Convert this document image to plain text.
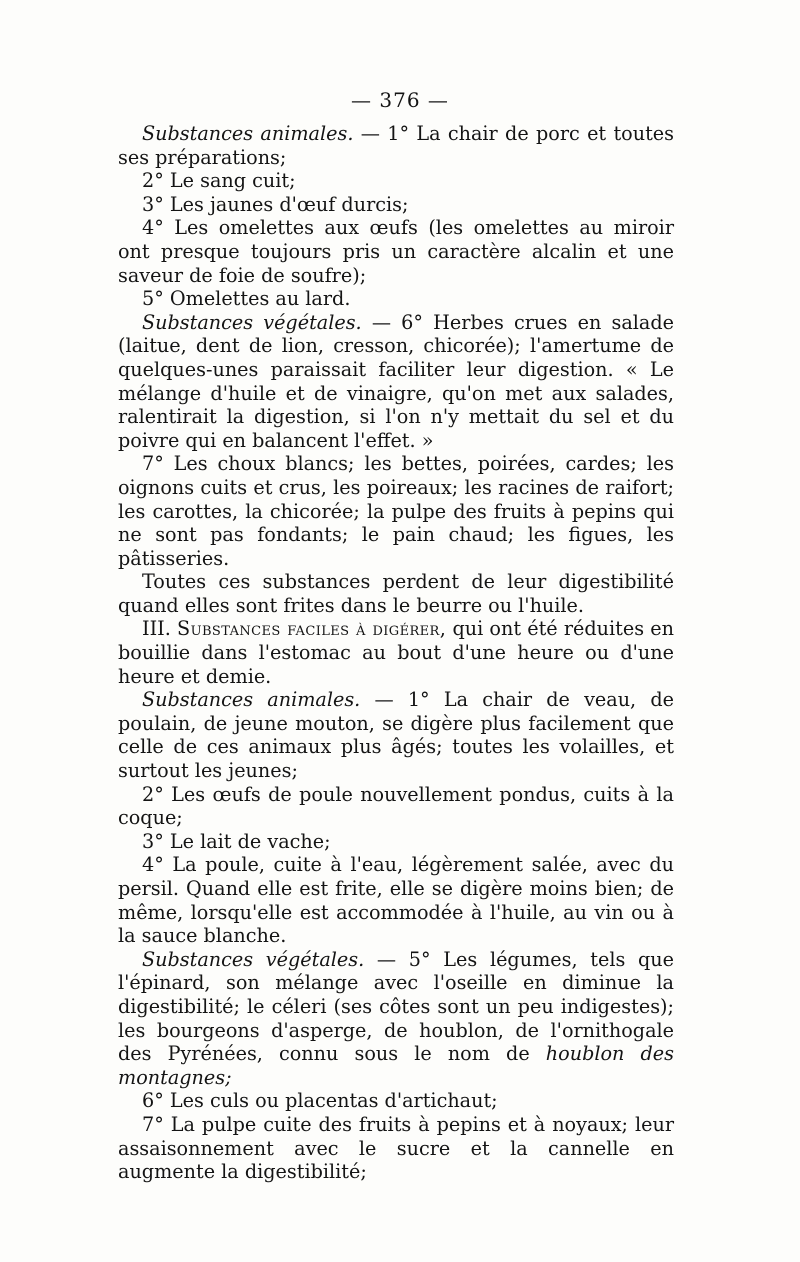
— 376 —

Substances animales. — 1° La chair de porc et toutes ses préparations;

2° Le sang cuit;

3° Les jaunes d'œuf durcis;

4° Les omelettes aux œufs (les omelettes au miroir ont presque toujours pris un caractère alcalin et une saveur de foie de soufre);

5° Omelettes au lard.

Substances végétales. — 6° Herbes crues en salade (laitue, dent de lion, cresson, chicorée); l'amertume de quelques-unes paraissait faciliter leur digestion. « Le mélange d'huile et de vinaigre, qu'on met aux salades, ralentirait la digestion, si l'on n'y mettait du sel et du poivre qui en balancent l'effet. »

7° Les choux blancs; les bettes, poirées, cardes; les oignons cuits et crus, les poireaux; les racines de raifort; les carottes, la chicorée; la pulpe des fruits à pepins qui ne sont pas fondants; le pain chaud; les figues, les pâtisseries.

Toutes ces substances perdent de leur digestibilité quand elles sont frites dans le beurre ou l'huile.

III. Substances faciles à digérer, qui ont été réduites en bouillie dans l'estomac au bout d'une heure ou d'une heure et demie.

Substances animales. — 1° La chair de veau, de poulain, de jeune mouton, se digère plus facilement que celle de ces animaux plus âgés; toutes les volailles, et surtout les jeunes;

2° Les œufs de poule nouvellement pondus, cuits à la coque;

3° Le lait de vache;

4° La poule, cuite à l'eau, légèrement salée, avec du persil. Quand elle est frite, elle se digère moins bien; de même, lorsqu'elle est accommodée à l'huile, au vin ou à la sauce blanche.

Substances végétales. — 5° Les légumes, tels que l'épinard, son mélange avec l'oseille en diminue la digestibilité; le céleri (ses côtes sont un peu indigestes); les bourgeons d'asperge, de houblon, de l'ornithogale des Pyrénées, connu sous le nom de houblon des montagnes;

6° Les culs ou placentas d'artichaut;

7° La pulpe cuite des fruits à pepins et à noyaux; leur assaisonnement avec le sucre et la cannelle en augmente la digestibilité;
